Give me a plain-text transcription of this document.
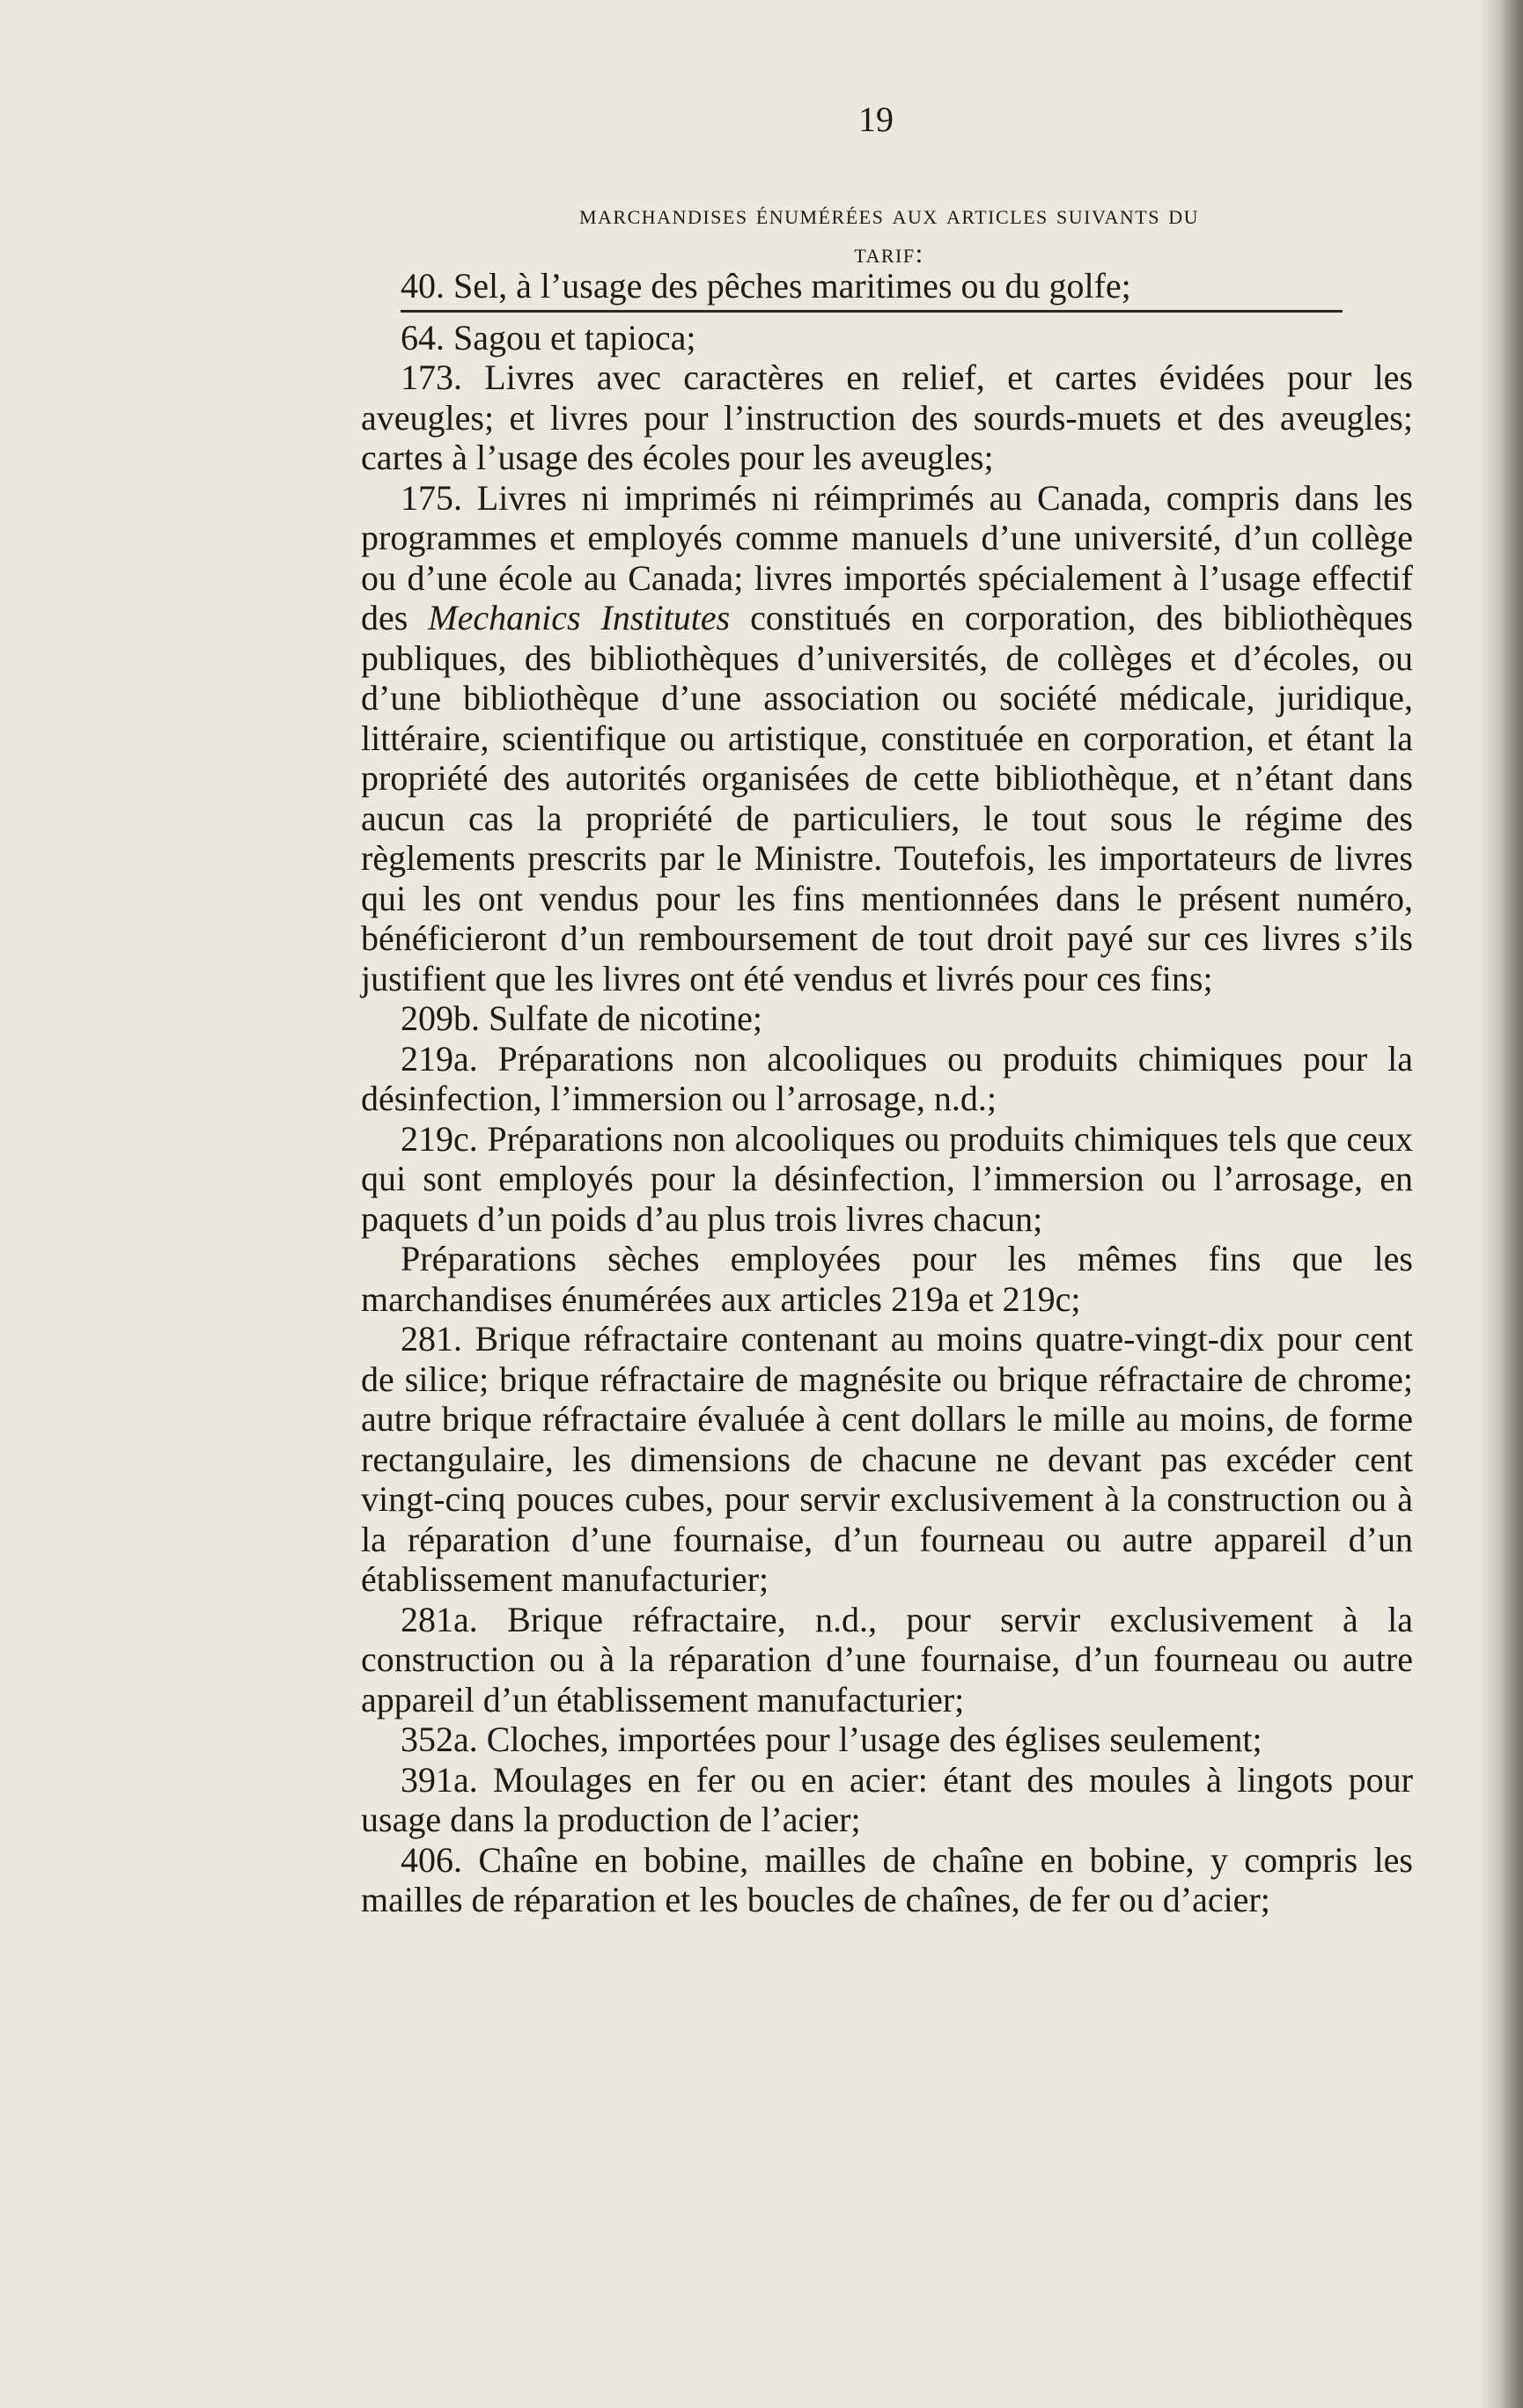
19
marchandises énumérées aux articles suivants du
tarif:

40. Sel, à l’usage des pêches maritimes ou du golfe;

64. Sagou et tapioca;

173. Livres avec caractères en relief, et cartes évidées pour les aveugles; et livres pour l’instruction des sourds-muets et des aveugles; cartes à l’usage des écoles pour les aveugles;

175. Livres ni imprimés ni réimprimés au Canada, compris dans les programmes et employés comme manuels d’une université, d’un collège ou d’une école au Canada; livres importés spécialement à l’usage effectif des Mechanics Institutes constitués en corporation, des bibliothèques publiques, des bibliothèques d’universités, de collèges et d’écoles, ou d’une bibliothèque d’une association ou société médicale, juridique, littéraire, scientifique ou artistique, constituée en corporation, et étant la propriété des autorités organisées de cette bibliothèque, et n’étant dans aucun cas la propriété de particuliers, le tout sous le régime des règlements prescrits par le Ministre. Toutefois, les importateurs de livres qui les ont vendus pour les fins mentionnées dans le présent numéro, bénéficieront d’un remboursement de tout droit payé sur ces livres s’ils justifient que les livres ont été vendus et livrés pour ces fins;

209b. Sulfate de nicotine;

219a. Préparations non alcooliques ou produits chimiques pour la désinfection, l’immersion ou l’arrosage, n.d.;

219c. Préparations non alcooliques ou produits chimiques tels que ceux qui sont employés pour la désinfection, l’immersion ou l’arrosage, en paquets d’un poids d’au plus trois livres chacun;

Préparations sèches employées pour les mêmes fins que les marchandises énumérées aux articles 219a et 219c;

281. Brique réfractaire contenant au moins quatre-vingt-dix pour cent de silice; brique réfractaire de magnésite ou brique réfractaire de chrome; autre brique réfractaire évaluée à cent dollars le mille au moins, de forme rectangulaire, les dimensions de chacune ne devant pas excéder cent vingt-cinq pouces cubes, pour servir exclusivement à la construction ou à la réparation d’une fournaise, d’un fourneau ou autre appareil d’un établissement manufacturier;

281a. Brique réfractaire, n.d., pour servir exclusivement à la construction ou à la réparation d’une fournaise, d’un fourneau ou autre appareil d’un établissement manufacturier;

352a. Cloches, importées pour l’usage des églises seulement;

391a. Moulages en fer ou en acier: étant des moules à lingots pour usage dans la production de l’acier;

406. Chaîne en bobine, mailles de chaîne en bobine, y compris les mailles de réparation et les boucles de chaînes, de fer ou d’acier;
